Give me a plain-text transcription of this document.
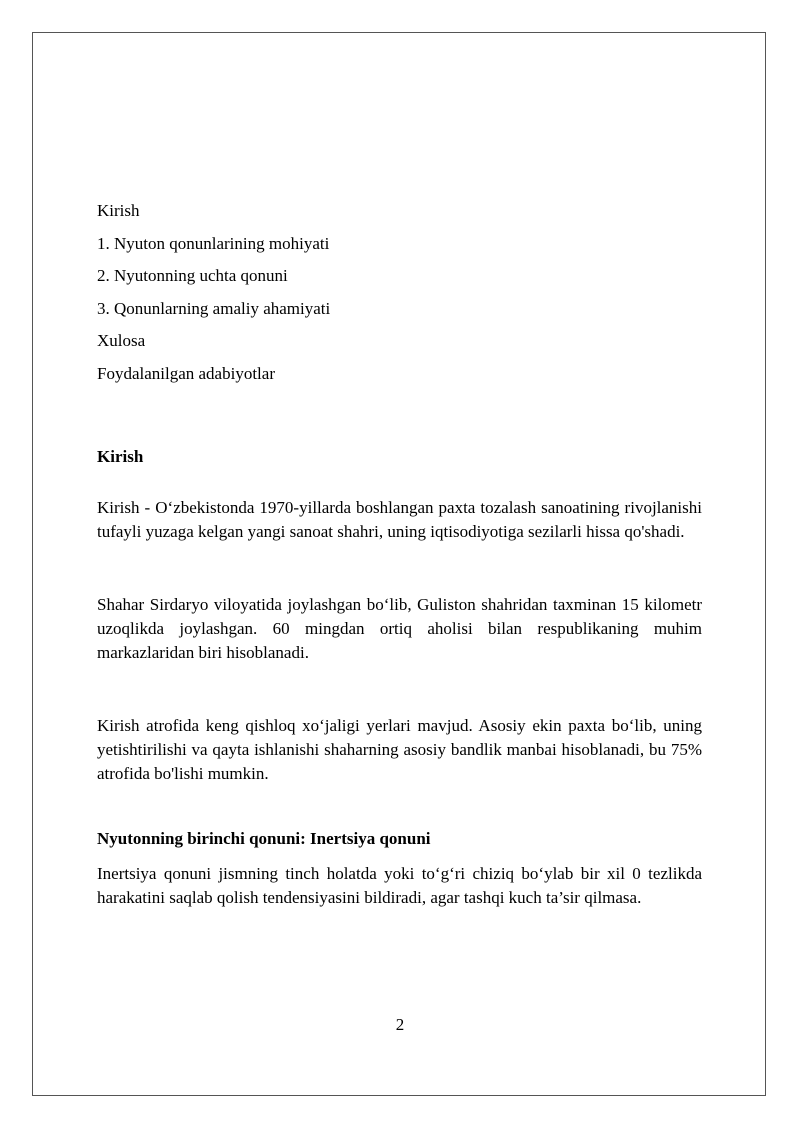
Kirish
1. Nyuton qonunlarining mohiyati
2. Nyutonning uchta qonuni
3. Qonunlarning amaliy ahamiyati
Xulosa
Foydalanilgan adabiyotlar
Kirish

Kirish - O‘zbekistonda 1970-yillarda boshlangan paxta tozalash sanoatining rivojlanishi tufayli yuzaga kelgan yangi sanoat shahri, uning iqtisodiyotiga sezilarli hissa qo'shadi.

Shahar Sirdaryo viloyatida joylashgan bo‘lib, Guliston shahridan taxminan 15 kilometr uzoqlikda joylashgan. 60 mingdan ortiq aholisi bilan respublikaning muhim markazlaridan biri hisoblanadi.

Kirish atrofida keng qishloq xo‘jaligi yerlari mavjud. Asosiy ekin paxta bo‘lib, uning yetishtirilishi va qayta ishlanishi shaharning asosiy bandlik manbai hisoblanadi, bu 75% atrofida bo'lishi mumkin.

Nyutonning birinchi qonuni: Inertsiya qonuni

Inertsiya qonuni jismning tinch holatda yoki to‘g‘ri chiziq bo‘ylab bir xil 0 tezlikda harakatini saqlab qolish tendensiyasini bildiradi, agar tashqi kuch ta’sir qilmasa.

2
